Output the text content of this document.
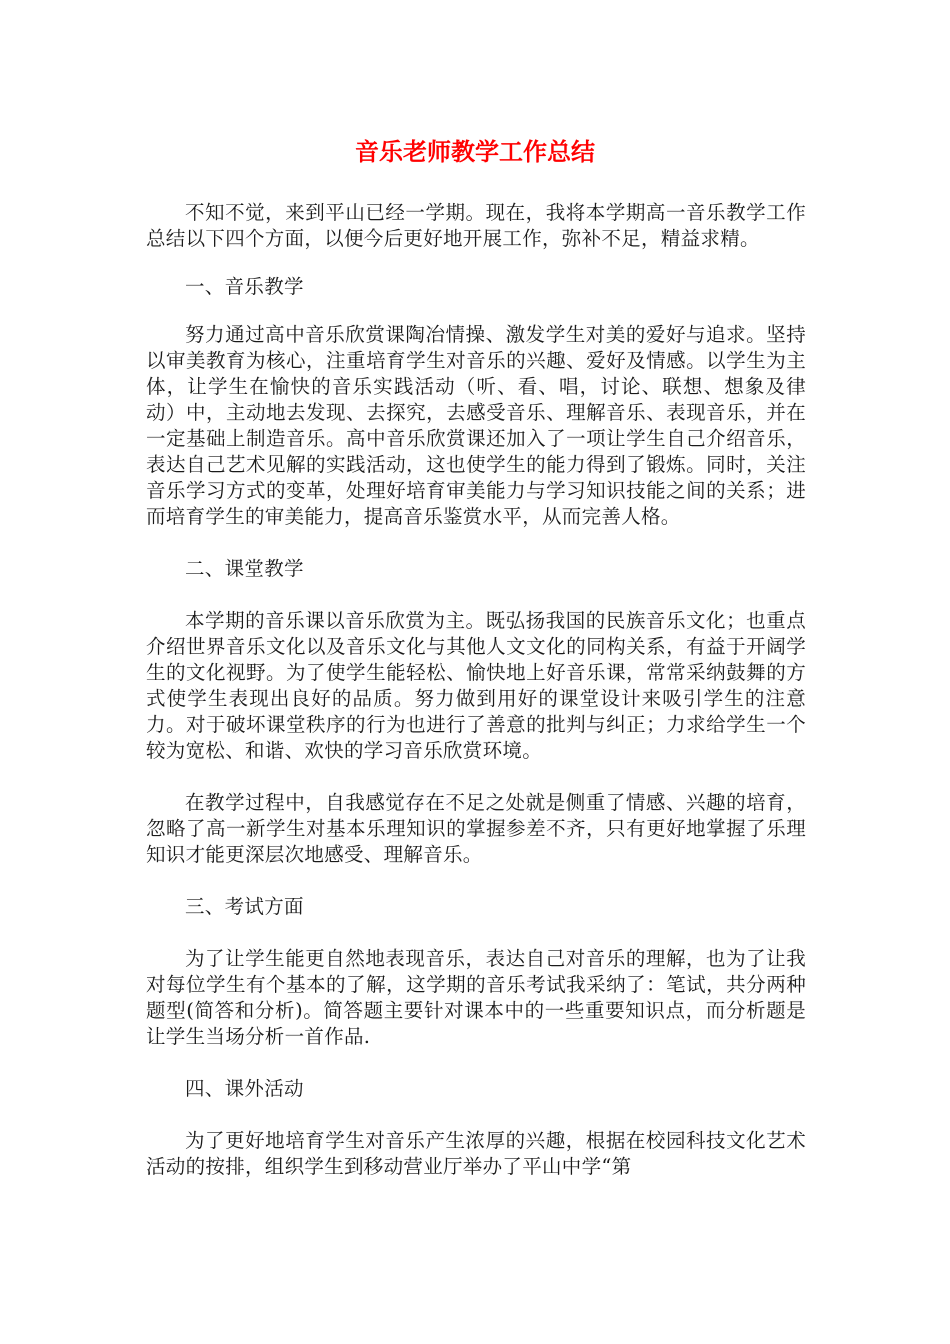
音乐老师教学工作总结

不知不觉，来到平山已经一学期。现在，我将本学期高一音乐教学工作总结以下四个方面，以便今后更好地开展工作，弥补不足，精益求精。

一、音乐教学

努力通过高中音乐欣赏课陶冶情操、激发学生对美的爱好与追求。坚持以审美教育为核心，注重培育学生对音乐的兴趣、爱好及情感。以学生为主体，让学生在愉快的音乐实践活动（听、看、唱，讨论、联想、想象及律动）中，主动地去发现、去探究，去感受音乐、理解音乐、表现音乐，并在一定基础上制造音乐。高中音乐欣赏课还加入了一项让学生自己介绍音乐，表达自己艺术见解的实践活动，这也使学生的能力得到了锻炼。同时，关注音乐学习方式的变革，处理好培育审美能力与学习知识技能之间的关系；进而培育学生的审美能力，提高音乐鉴赏水平，从而完善人格。

二、课堂教学

本学期的音乐课以音乐欣赏为主。既弘扬我国的民族音乐文化；也重点介绍世界音乐文化以及音乐文化与其他人文文化的同构关系，有益于开阔学生的文化视野。为了使学生能轻松、愉快地上好音乐课，常常采纳鼓舞的方式使学生表现出良好的品质。努力做到用好的课堂设计来吸引学生的注意力。对于破坏课堂秩序的行为也进行了善意的批判与纠正；力求给学生一个较为宽松、和谐、欢快的学习音乐欣赏环境。

在教学过程中，自我感觉存在不足之处就是侧重了情感、兴趣的培育，忽略了高一新学生对基本乐理知识的掌握参差不齐，只有更好地掌握了乐理知识才能更深层次地感受、理解音乐。

三、考试方面

为了让学生能更自然地表现音乐，表达自己对音乐的理解，也为了让我对每位学生有个基本的了解，这学期的音乐考试我采纳了：笔试，共分两种题型(简答和分析)。简答题主要针对课本中的一些重要知识点，而分析题是让学生当场分析一首作品.

四、课外活动

为了更好地培育学生对音乐产生浓厚的兴趣，根据在校园科技文化艺术活动的按排，组织学生到移动营业厅举办了平山中学“第
